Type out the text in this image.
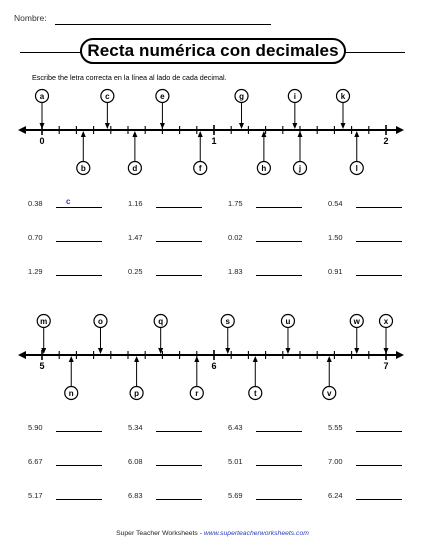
Nombre:
Recta numérica con decimales
Escribe the letra correcta en la línea al lado de cada decimal.
0	1	2
a	c	e	g	i	k
b	d	f	h	j	l
0.38	c	1.16	1.75	0.54
0.70	1.47	0.02	1.50
1.29	0.25	1.83	0.91
5	6	7
m	o	q	s	u	w	x
n	p	r	t	v
5.90	5.34	6.43	5.55
6.67	6.08	5.01	7.00
5.17	6.83	5.69	6.24
Super Teacher Worksheets - www.superteacherworksheets.com
